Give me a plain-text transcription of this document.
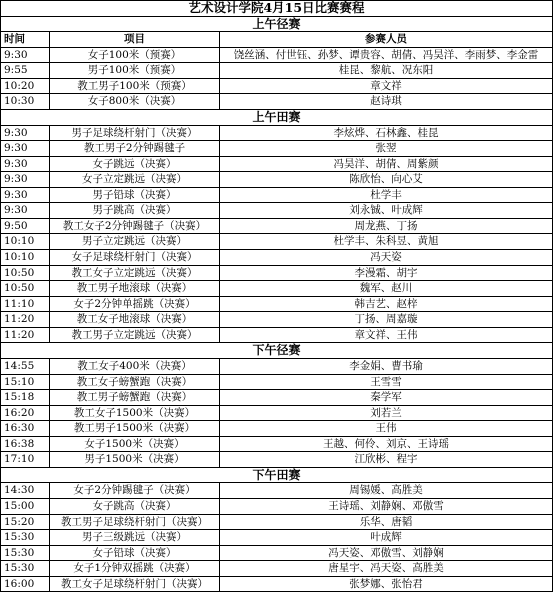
艺术设计学院4月15日比赛赛程
上午径赛
时间	项目	参赛人员
9:30	女子100米（预赛）	饶丝涵、付世钰、孙梦、谭贵容、胡倩、冯昊洋、李雨梦、李金雷
9:55	男子100米（预赛）	桂昆、黎航、况东阳
10:20	教工男子100米（预赛）	章文祥
10:30	女子800米（决赛）	赵诗琪
上午田赛
9:30	男子足球绕杆射门（决赛）	李炫烨、石林鑫、桂昆
9:30	教工男子2分钟踢毽子	张翌
9:30	女子跳远（决赛）	冯昊洋、胡倩、周紫颜
9:30	女子立定跳远（决赛）	陈欣怡、向心艾
9:30	男子铅球（决赛）	杜学丰
9:30	男子跳高（决赛）	刘永铖、叶成辉
9:50	教工女子2分钟踢毽子（决赛）	周龙燕、丁扬
10:10	男子立定跳远（决赛）	杜学丰、朱科昱、黄旭
10:10	女子足球绕杆射门（决赛）	冯天姿
10:50	教工女子立定跳远（决赛）	李漫霜、胡宇
10:50	教工男子地滚球（决赛）	魏军、赵川
11:10	女子2分钟单摇跳（决赛）	韩吉艺、赵梓
11:20	教工女子地滚球（决赛）	丁扬、周嘉璇
11:20	教工男子立定跳远（决赛）	章文祥、王伟
下午径赛
14:55	教工女子400米（决赛）	李金娟、曹书瑜
15:10	教工女子螃蟹跑（决赛）	王雪雪
15:18	教工男子螃蟹跑（决赛）	秦学军
16:20	教工女子1500米（决赛）	刘若兰
16:30	教工男子1500米（决赛）	王伟
16:38	女子1500米（决赛）	王越、何伶、刘京、王诗瑶
17:10	男子1500米（决赛）	江欣彬、程宇
下午田赛
14:30	女子2分钟踢毽子（决赛）	周锡媛、高胜美
15:00	女子跳高（决赛）	王诗瑶、刘静娴、邓傲雪
15:20	教工男子足球绕杆射门（决赛）	乐华、唐韬
15:30	男子三级跳远（决赛）	叶成辉
15:30	女子铅球（决赛）	冯天姿、邓傲雪、刘静娴
15:30	女子1分钟双摇跳（决赛）	唐星宇、冯天姿、高胜美
16:00	教工女子足球绕杆射门（决赛）	张梦娜、张怡君
